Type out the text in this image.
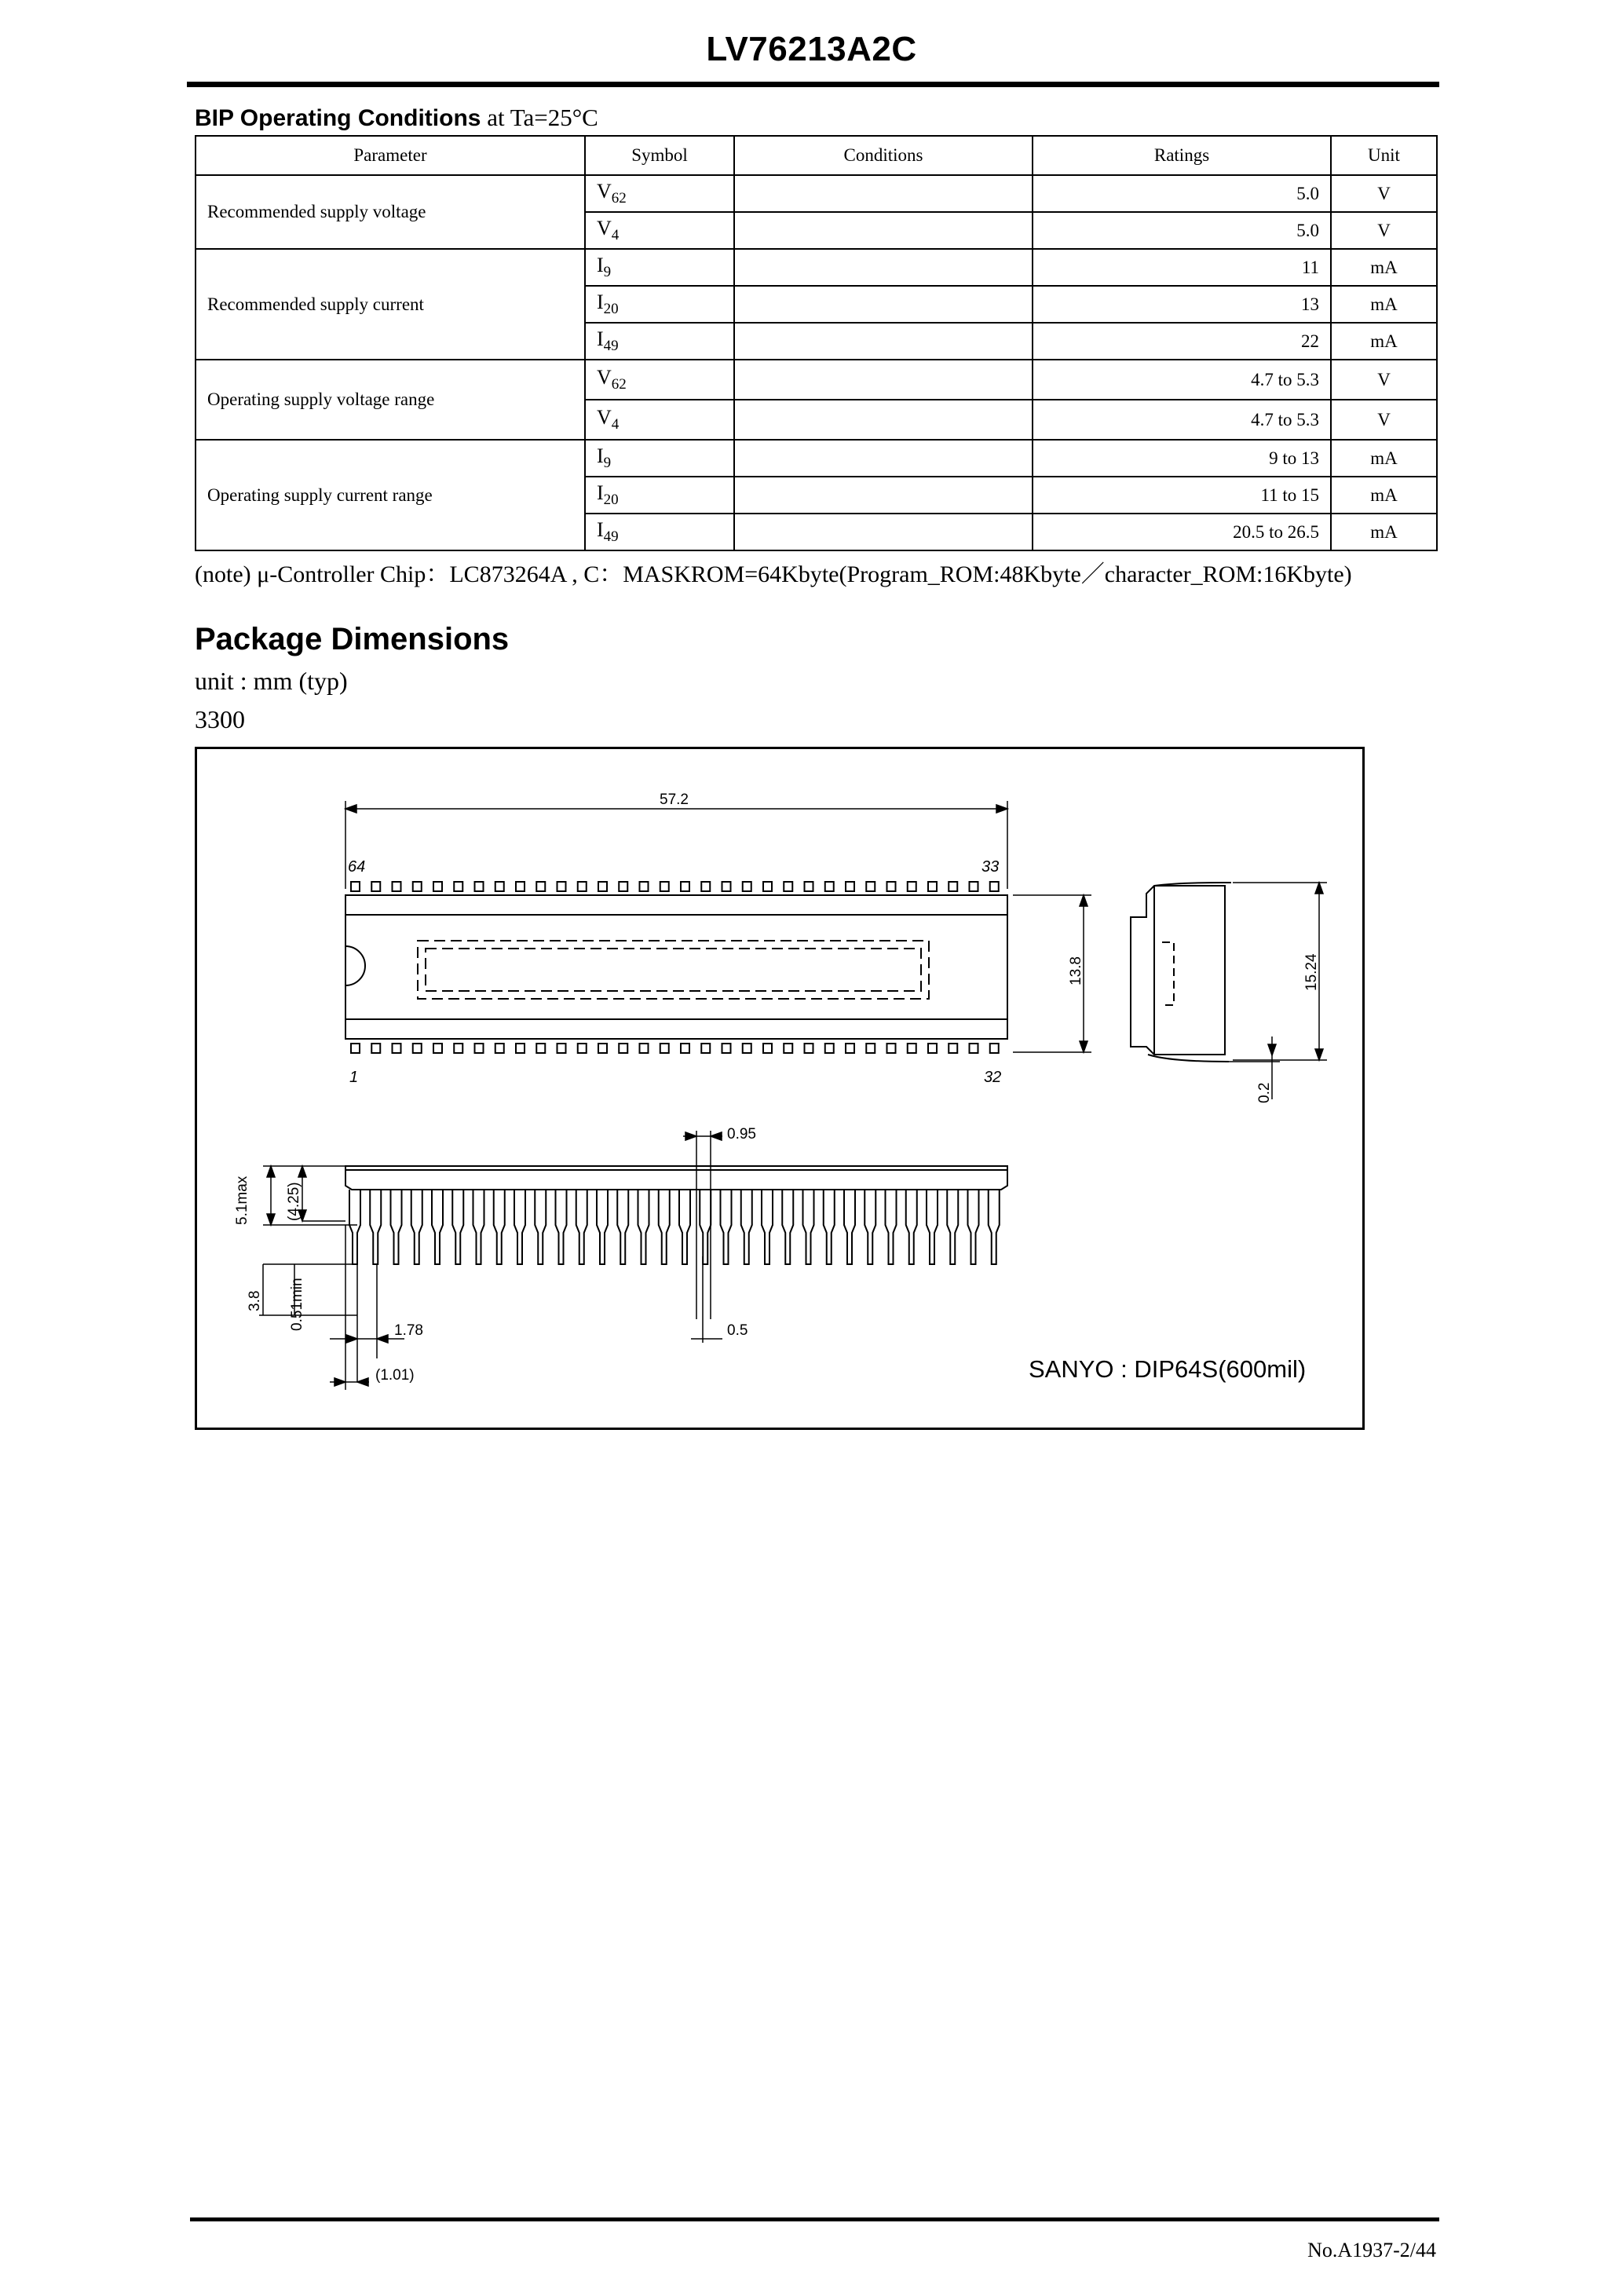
LV76213A2C
BIP Operating Conditions at Ta=25°C
Parameter	Symbol	Conditions	Ratings	Unit
Recommended supply voltage	$V_{62}$		5.0	V
	$V_4$		5.0	V
Recommended supply current	$I_9$		11	mA
	$I_{20}$		13	mA
	$I_{49}$		22	mA
Operating supply voltage range	$V_{62}$		4.7 to 5.3	V
	$V_4$		4.7 to 5.3	V
Operating supply current range	$I_9$		9 to 13	mA
	$I_{20}$		11 to 15	mA
	$I_{49}$		20.5 to 26.5	mA
(note) μ-Controller Chip：LC873264A , C：MASKROM=64Kbyte(Program_ROM:48Kbyte／character_ROM:16Kbyte)
Package Dimensions
unit : mm (typ)
3300
57.2
64	33
1	32
13.8	15.24
0.2
5.1max (4.25)
3.8 0.51min
0.95
0.5
1.78
(1.01)	SANYO : DIP64S(600mil)
No.A1937-2/44
